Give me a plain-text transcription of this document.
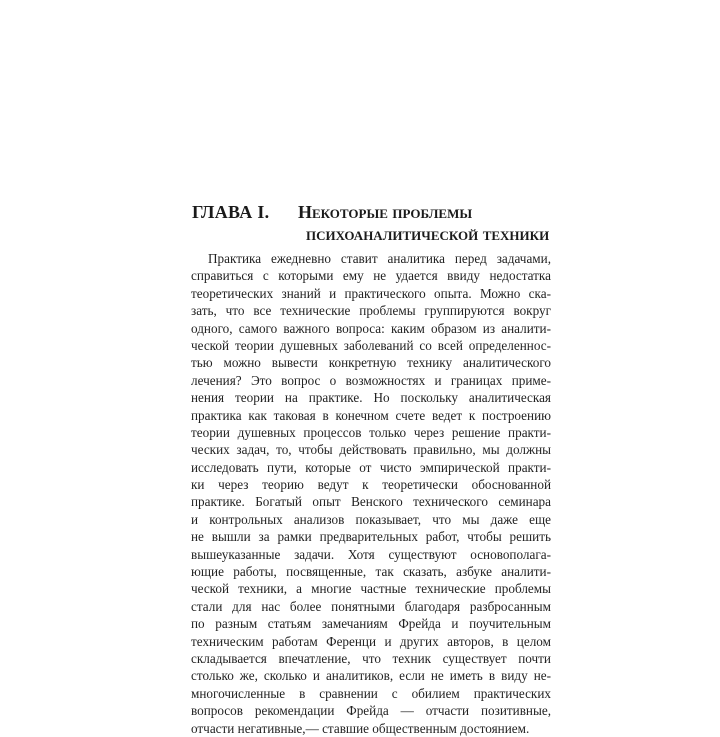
ГЛАВА I. Некоторые проблемы
психоаналитической техники
Практика ежедневно ставит аналитика перед задачами,
справиться с которыми ему не удается ввиду недостатка
теоретических знаний и практического опыта. Можно ска-
зать, что все технические проблемы группируются вокруг
одного, самого важного вопроса: каким образом из аналити-
ческой теории душевных заболеваний со всей определеннос-
тью можно вывести конкретную технику аналитического
лечения? Это вопрос о возможностях и границах приме-
нения теории на практике. Но поскольку аналитическая
практика как таковая в конечном счете ведет к построению
теории душевных процессов только через решение практи-
ческих задач, то, чтобы действовать правильно, мы должны
исследовать пути, которые от чисто эмпирической практи-
ки через теорию ведут к теоретически обоснованной
практике. Богатый опыт Венского технического семинара
и контрольных анализов показывает, что мы даже еще
не вышли за рамки предварительных работ, чтобы решить
вышеуказанные задачи. Хотя существуют основополага-
ющие работы, посвященные, так сказать, азбуке аналити-
ческой техники, а многие частные технические проблемы
стали для нас более понятными благодаря разбросанным
по разным статьям замечаниям Фрейда и поучительным
техническим работам Ференци и других авторов, в целом
складывается впечатление, что техник существует почти
столько же, сколько и аналитиков, если не иметь в виду не-
многочисленные в сравнении с обилием практических
вопросов рекомендации Фрейда — отчасти позитивные,
отчасти негативные,— ставшие общественным достоянием.
